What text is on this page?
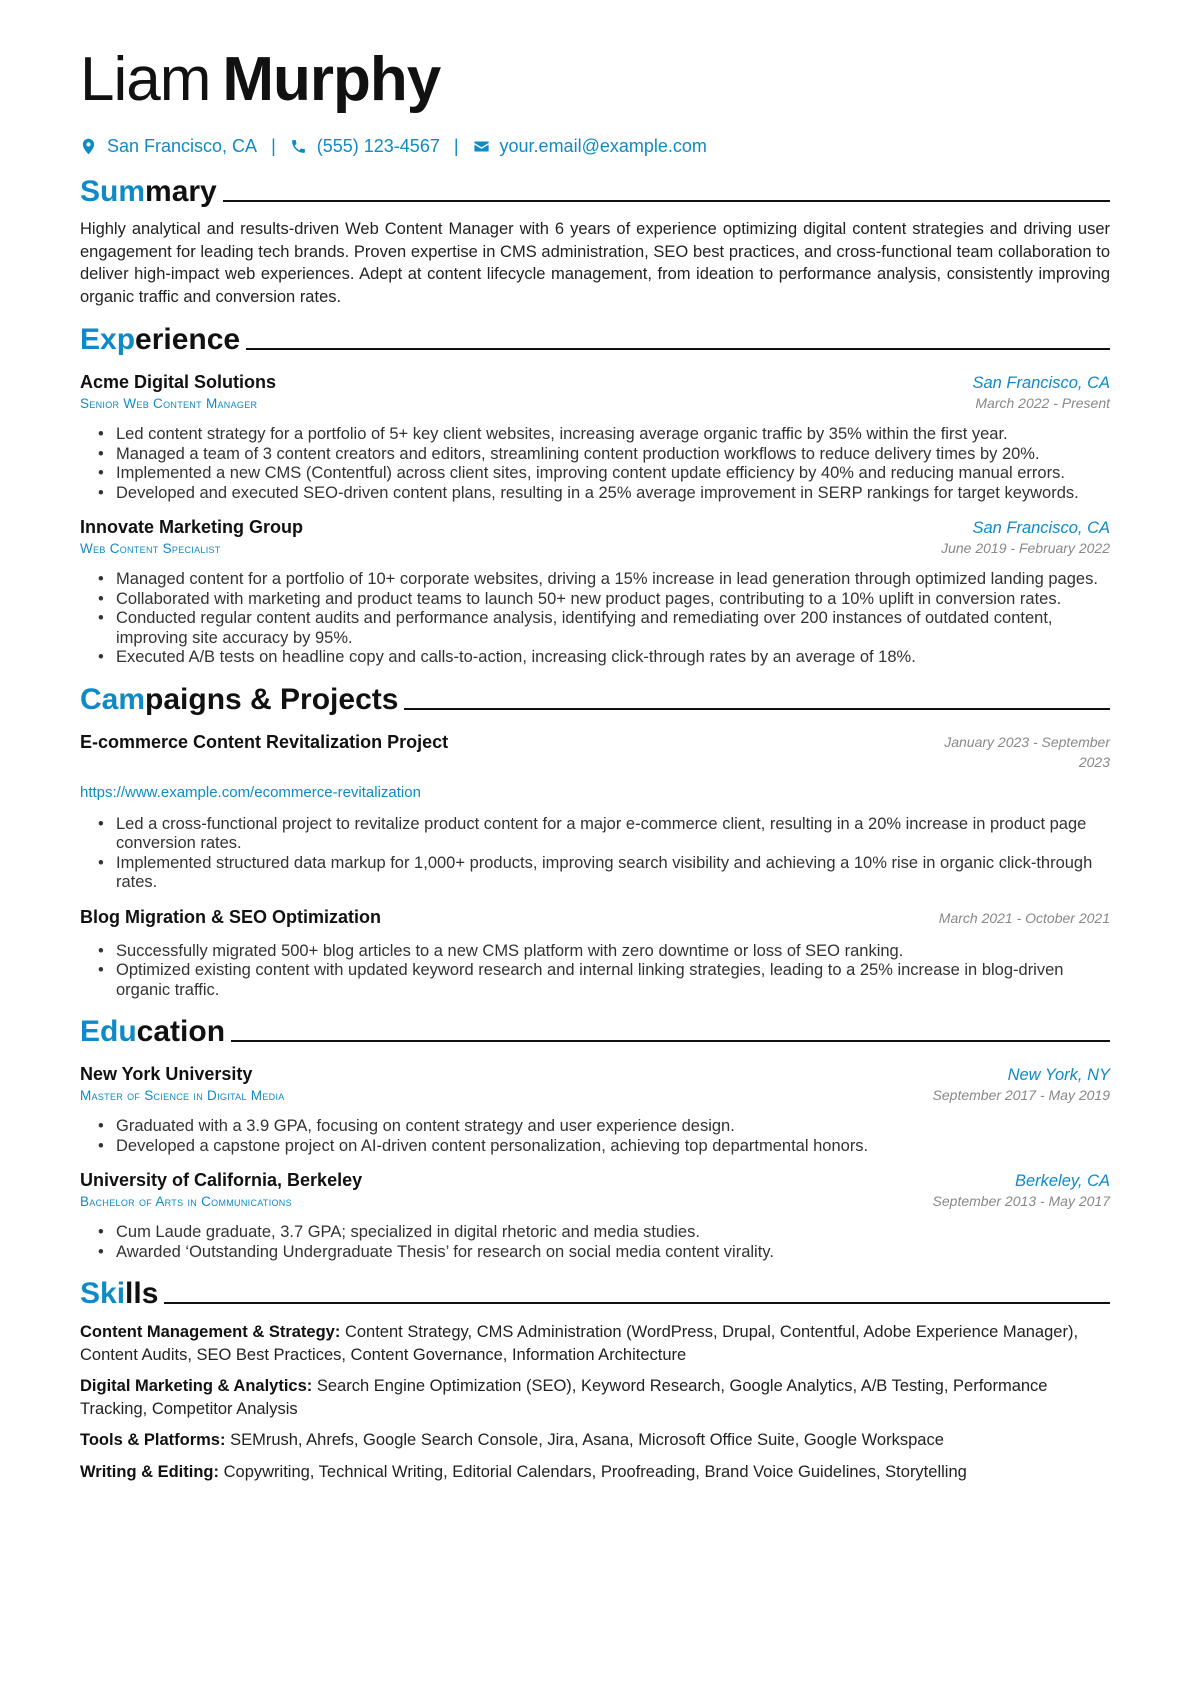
Liam Murphy
San Francisco, CA | (555) 123-4567 | your.email@example.com
Summary
Highly analytical and results-driven Web Content Manager with 6 years of experience optimizing digital content strategies and driving user engagement for leading tech brands. Proven expertise in CMS administration, SEO best practices, and cross-functional team collaboration to deliver high-impact web experiences. Adept at content lifecycle management, from ideation to performance analysis, consistently improving organic traffic and conversion rates.
Experience
Acme Digital Solutions	San Francisco, CA
Senior Web Content Manager	March 2022 - Present
• Led content strategy for a portfolio of 5+ key client websites, increasing average organic traffic by 35% within the first year.
• Managed a team of 3 content creators and editors, streamlining content production workflows to reduce delivery times by 20%.
• Implemented a new CMS (Contentful) across client sites, improving content update efficiency by 40% and reducing manual errors.
• Developed and executed SEO-driven content plans, resulting in a 25% average improvement in SERP rankings for target keywords.
Innovate Marketing Group	San Francisco, CA
Web Content Specialist	June 2019 - February 2022
• Managed content for a portfolio of 10+ corporate websites, driving a 15% increase in lead generation through optimized landing pages.
• Collaborated with marketing and product teams to launch 50+ new product pages, contributing to a 10% uplift in conversion rates.
• Conducted regular content audits and performance analysis, identifying and remediating over 200 instances of outdated content, improving site accuracy by 95%.
• Executed A/B tests on headline copy and calls-to-action, increasing click-through rates by an average of 18%.
Campaigns & Projects
E-commerce Content Revitalization Project	January 2023 - September 2023
https://www.example.com/ecommerce-revitalization
• Led a cross-functional project to revitalize product content for a major e-commerce client, resulting in a 20% increase in product page conversion rates.
• Implemented structured data markup for 1,000+ products, improving search visibility and achieving a 10% rise in organic click-through rates.
Blog Migration & SEO Optimization	March 2021 - October 2021
• Successfully migrated 500+ blog articles to a new CMS platform with zero downtime or loss of SEO ranking.
• Optimized existing content with updated keyword research and internal linking strategies, leading to a 25% increase in blog-driven organic traffic.
Education
New York University	New York, NY
Master of Science in Digital Media	September 2017 - May 2019
• Graduated with a 3.9 GPA, focusing on content strategy and user experience design.
• Developed a capstone project on AI-driven content personalization, achieving top departmental honors.
University of California, Berkeley	Berkeley, CA
Bachelor of Arts in Communications	September 2013 - May 2017
• Cum Laude graduate, 3.7 GPA; specialized in digital rhetoric and media studies.
• Awarded ‘Outstanding Undergraduate Thesis’ for research on social media content virality.
Skills
Content Management & Strategy: Content Strategy, CMS Administration (WordPress, Drupal, Contentful, Adobe Experience Manager), Content Audits, SEO Best Practices, Content Governance, Information Architecture
Digital Marketing & Analytics: Search Engine Optimization (SEO), Keyword Research, Google Analytics, A/B Testing, Performance Tracking, Competitor Analysis
Tools & Platforms: SEMrush, Ahrefs, Google Search Console, Jira, Asana, Microsoft Office Suite, Google Workspace
Writing & Editing: Copywriting, Technical Writing, Editorial Calendars, Proofreading, Brand Voice Guidelines, Storytelling
